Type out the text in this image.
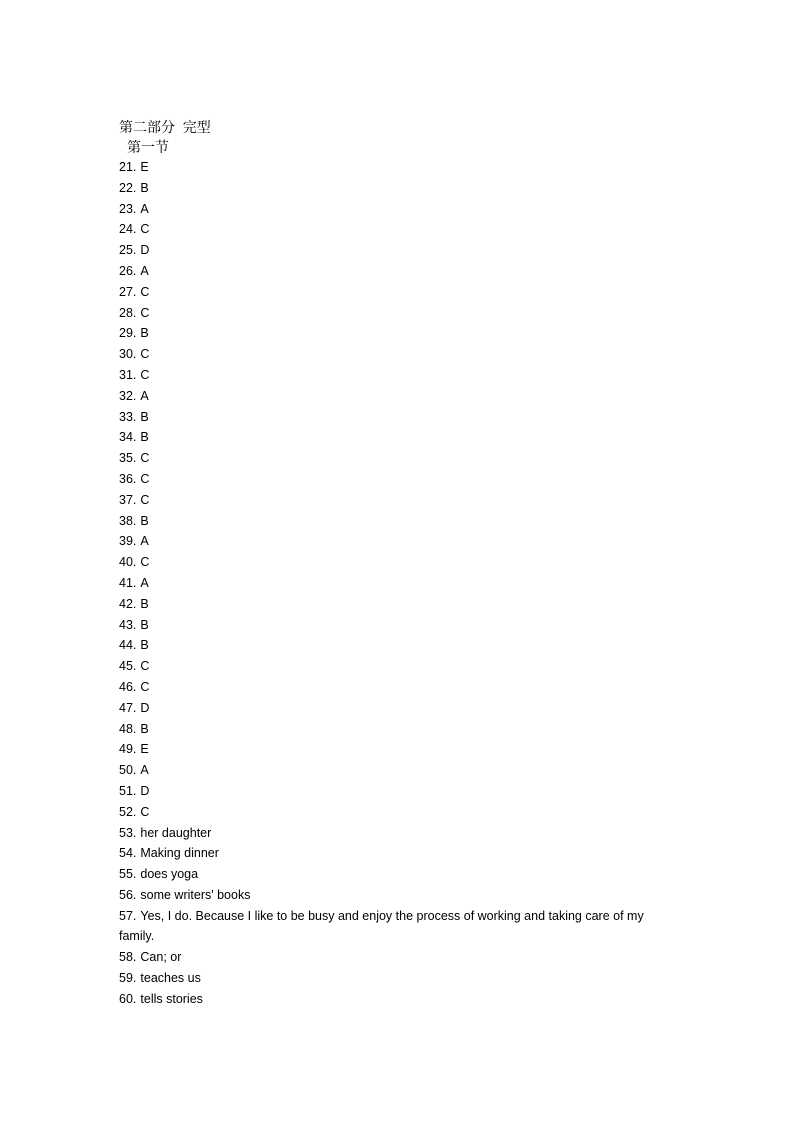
第二部分  完型
第一节
21. E
22. B
23. A
24. C
25. D
26. A
27. C
28. C
29. B
30. C
31. C
32. A
33. B
34. B
35. C
36. C
37. C
38. B
39. A
40. C
41. A
42. B
43. B
44. B
45. C
46. C
47. D
48. B
49. E
50. A
51. D
52. C
53. her daughter
54. Making dinner
55. does yoga
56. some writers' books
57. Yes, I do. Because I like to be busy and enjoy the process of working and taking care of my family.
58. Can; or
59. teaches us
60. tells stories
